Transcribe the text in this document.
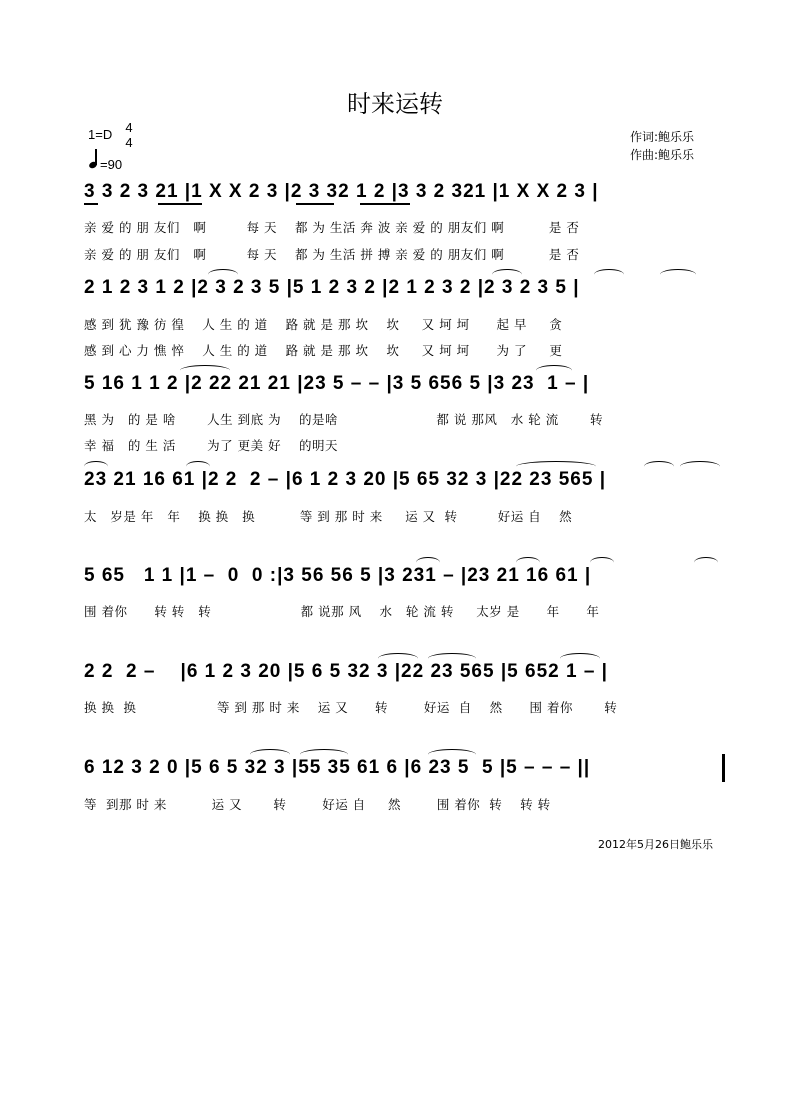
时来运转
1=D 4
4
=90
作词:鲍乐乐
作曲:鲍乐乐
3 3 2 3 21 |1 X X 2 3 |2 3 32 1 2 |3 3 2 321 |1 X X 2 3 |
亲 爱 的 朋 友们   啊         每 天    都 为 生活 奔 波 亲 爱 的 朋友们 啊          是 否
亲 爱 的 朋 友们   啊         每 天    都 为 生活 拼 搏 亲 爱 的 朋友们 啊          是 否
2 1 2 3 1 2 |2 3 2 3 5 |5 1 2 3 2 |2 1 2 3 2 |2 3 2 3 5 |
感 到 犹 豫 彷 徨    人 生 的 道    路 就 是 那 坎    坎     又 坷 坷      起 早     贪
感 到 心 力 憔 悴    人 生 的 道    路 就 是 那 坎    坎     又 坷 坷      为 了     更
5 16 1 1 2 |2 22 21 21 |23 5 – – |3 5 656 5 |3 23  1 – |
黑 为   的 是 啥       人生 到底 为    的是啥                      都 说 那风   水 轮 流       转
幸 福   的 生 活       为了 更美 好    的明天
23 21 16 61 |2 2  2 – |6 1 2 3 20 |5 65 32 3 |22 23 565 |
太   岁是 年   年    换 换   换          等 到 那 时 来     运 又  转         好运 自    然
5 65   1 1 |1 –  0  0 :|3 56 56 5 |3 231 – |23 21 16 61 |
围 着你      转 转   转                    都 说那 风    水   轮 流 转     太岁 是      年      年
2 2  2 –    |6 1 2 3 20 |5 6 5 32 3 |22 23 565 |5 652 1 – |
换 换  换                  等 到 那 时 来    运 又      转        好运  自    然      围 着你       转
6 12 3 2 0 |5 6 5 32 3 |55 35 61 6 |6 23 5  5 |5 – – – ||
等  到那 时 来          运 又       转        好运 自     然        围 着你  转    转 转
2012年5月26日鲍乐乐
